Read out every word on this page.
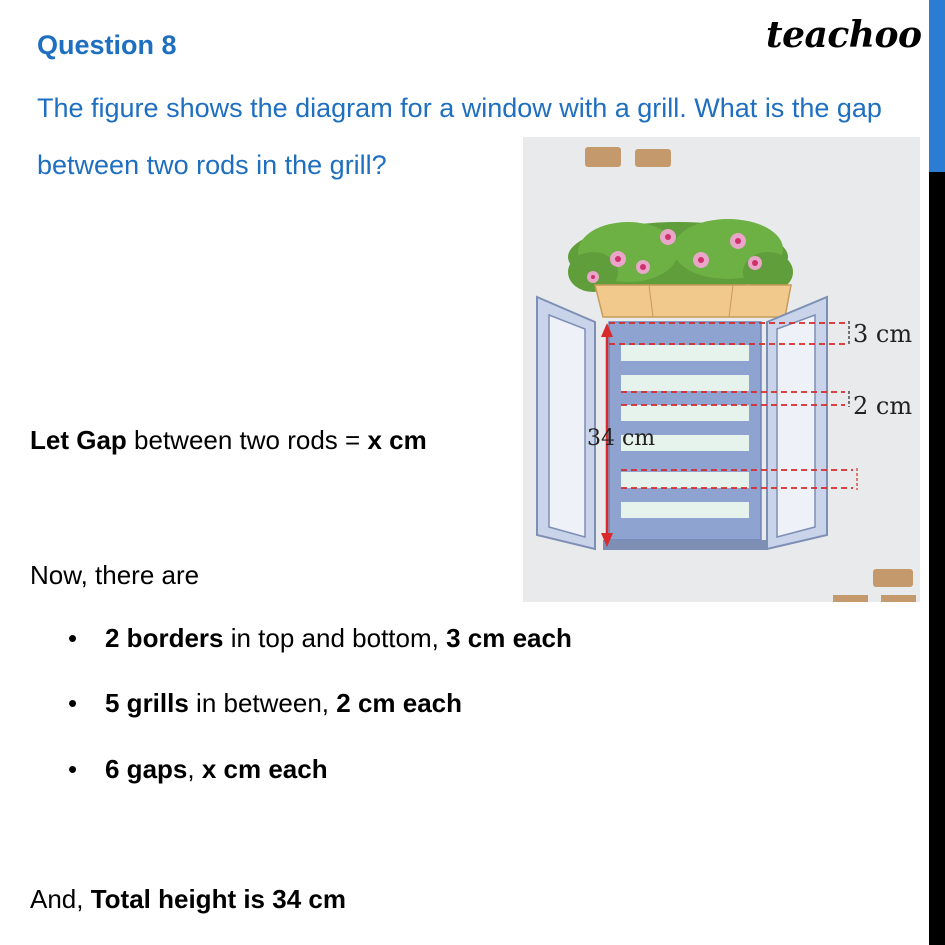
Question 8	teachoo

The figure shows the diagram for a window with a grill. What is the gap between two rods in the grill?

3 cm
2 cm
34 cm

Let Gap between two rods = x cm

Now, there are

• 2 borders in top and bottom, 3 cm each
• 5 grills in between, 2 cm each
• 6 gaps, x cm each

And, Total height is 34 cm
